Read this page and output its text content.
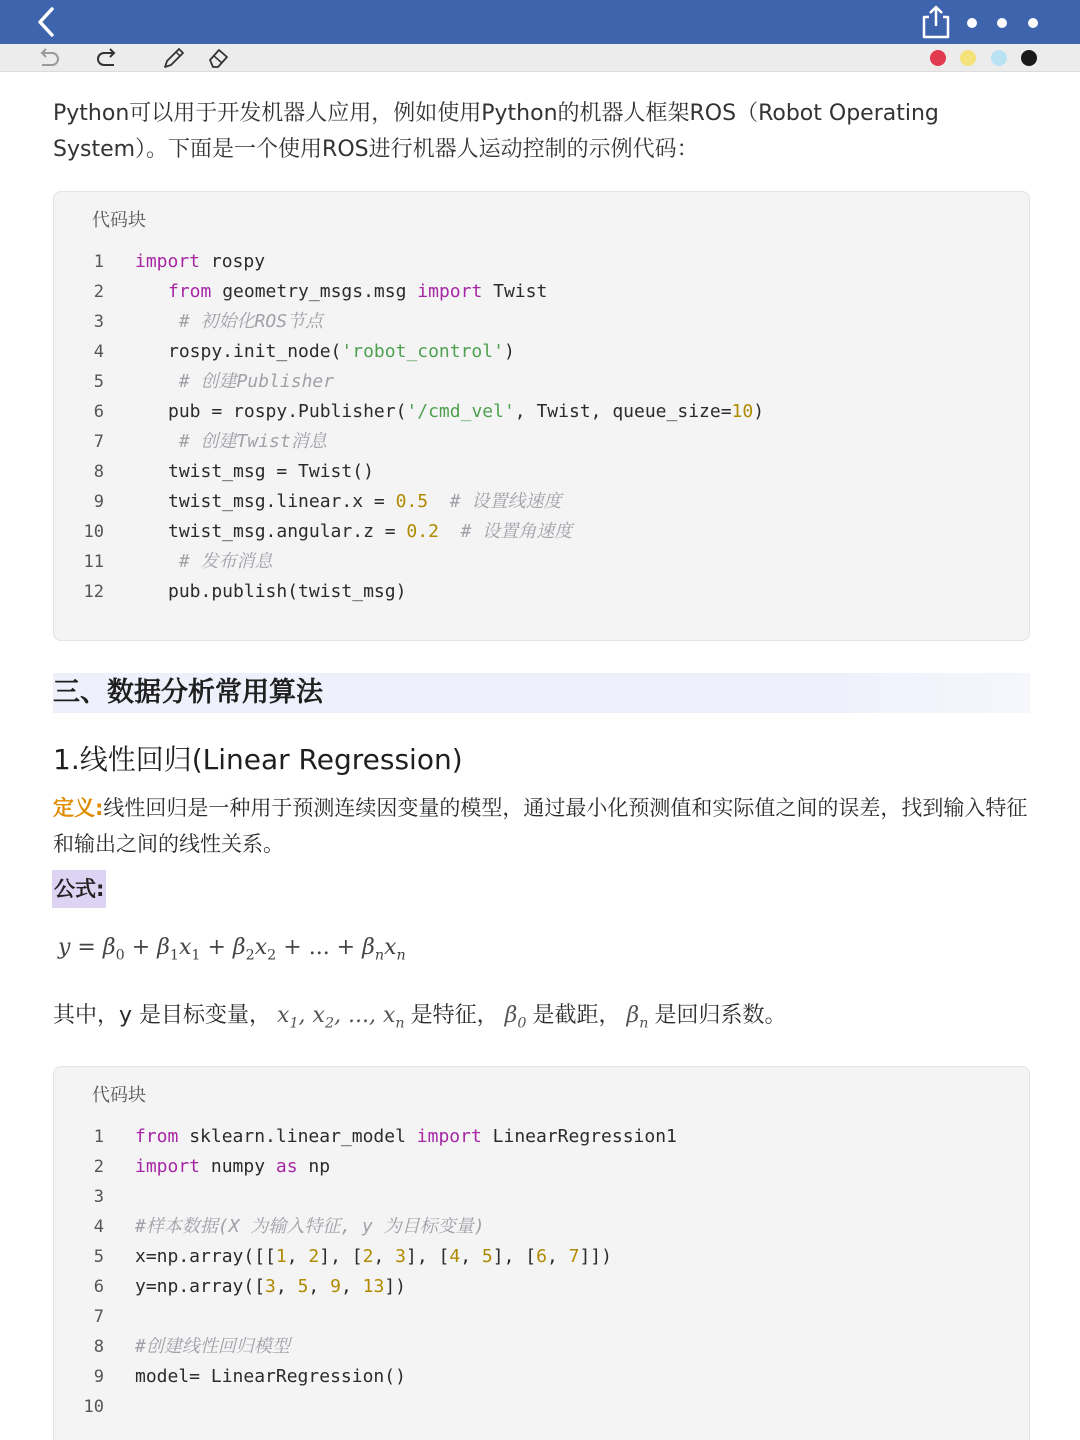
Python可以用于开发机器人应用，例如使用Python的机器人框架ROS（Robot Operating System）。下面是一个使用ROS进行机器人运动控制的示例代码：

代码块
1 import rospy
2	from geometry_msgs.msg import Twist
3	# 初始化ROS节点
4	rospy.init_node('robot_control')
5	# 创建Publisher
6	pub = rospy.Publisher('/cmd_vel', Twist, queue_size=10)
7	# 创建Twist消息
8	twist_msg = Twist()
9	twist_msg.linear.x = 0.5 # 设置线速度
10	twist_msg.angular.z = 0.2 # 设置角速度
11	# 发布消息
12	pub.publish(twist_msg)
三、数据分析常用算法
1.线性回归(Linear Regression)

定义:线性回归是一种用于预测连续因变量的模型，通过最小化预测值和实际值之间的误差，找到输入特征和输出之间的线性关系。

公式:
$y = \beta_0 + \beta_1x_1 + \beta_2x_2$ + ... + $\beta_nx_n$
其中，y 是目标变量， $x_1$, $x_2$, ..., $x_n$ 是特征， $\beta_0$ 是截距， $\beta_n$ 是回归系数。
代码块
1 from sklearn.linear_model import LinearRegression1
2 import numpy as np
3
4 #样本数据(X 为输入特征, y 为目标变量)
5 x=np.array([[1, 2], [2, 3], [4, 5], [6, 7]])
6 y=np.array([3, 5, 9, 13])
7
8 #创建线性回归模型
9 model= LinearRegression()
10
